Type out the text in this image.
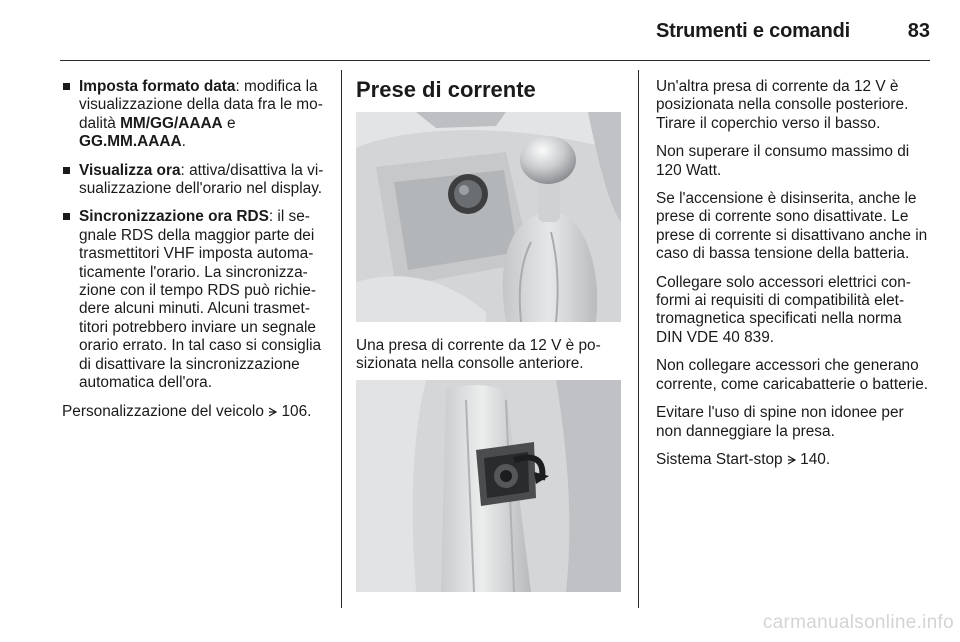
Strumenti e comandi	83
Imposta formato data: modifica la visualizzazione della data fra le modalità MM/GG/AAAA e GG.MM.AAAA.
Visualizza ora: attiva/disattiva la visualizzazione dell'orario nel display.
Sincronizzazione ora RDS: il segnale RDS della maggior parte dei trasmettitori VHF imposta automaticamente l'orario. La sincronizzazione con il tempo RDS può richiedere alcuni minuti. Alcuni trasmettitori potrebbero inviare un segnale orario errato. In tal caso si consiglia di disattivare la sincronizzazione automatica dell'ora.

Personalizzazione del veicolo 106.

Prese di corrente

Una presa di corrente da 12 V è posizionata nella consolle anteriore.

Un'altra presa di corrente da 12 V è posizionata nella consolle posteriore. Tirare il coperchio verso il basso.

Non superare il consumo massimo di 120 Watt.

Se l'accensione è disinserita, anche le prese di corrente sono disattivate. Le prese di corrente si disattivano anche in caso di bassa tensione della batteria.

Collegare solo accessori elettrici conformi ai requisiti di compatibilità elettromagnetica specificati nella norma DIN VDE 40 839.

Non collegare accessori che generano corrente, come caricabatterie o batterie.

Evitare l'uso di spine non idonee per non danneggiare la presa.

Sistema Start-stop 140.

carmanualsonline.info
